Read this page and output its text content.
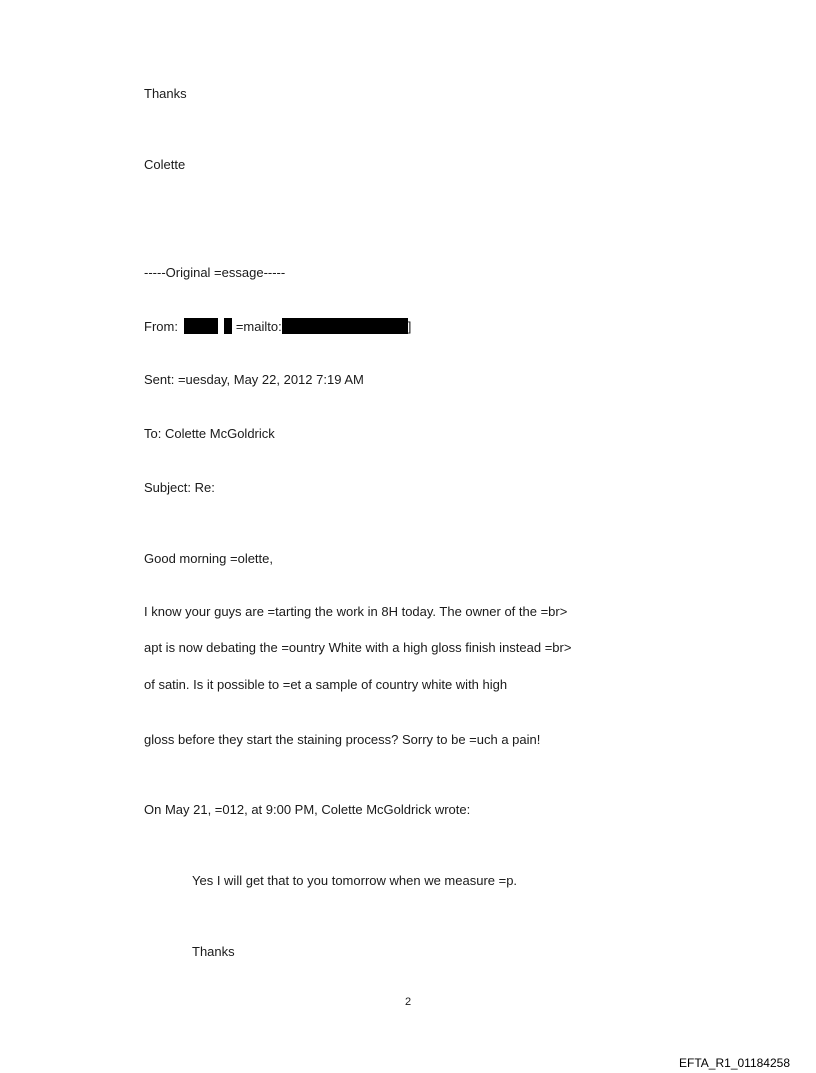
Thanks
Colette
-----Original =essage-----
From:	=mailto:	]
Sent: =uesday, May 22, 2012 7:19 AM
To: Colette McGoldrick
Subject: Re:
Good morning =olette,
I know your guys are =tarting the work in 8H today. The owner of the =br>
apt is now debating the =ountry White with a high gloss finish instead =br>
of satin. Is it possible to =et a sample of country white with high
gloss before they start the staining process? Sorry to be =uch a pain!
On May 21, =012, at 9:00 PM, Colette McGoldrick wrote:
Yes I will get that to you tomorrow when we measure =p.
Thanks
2
EFTA_R1_01184258
